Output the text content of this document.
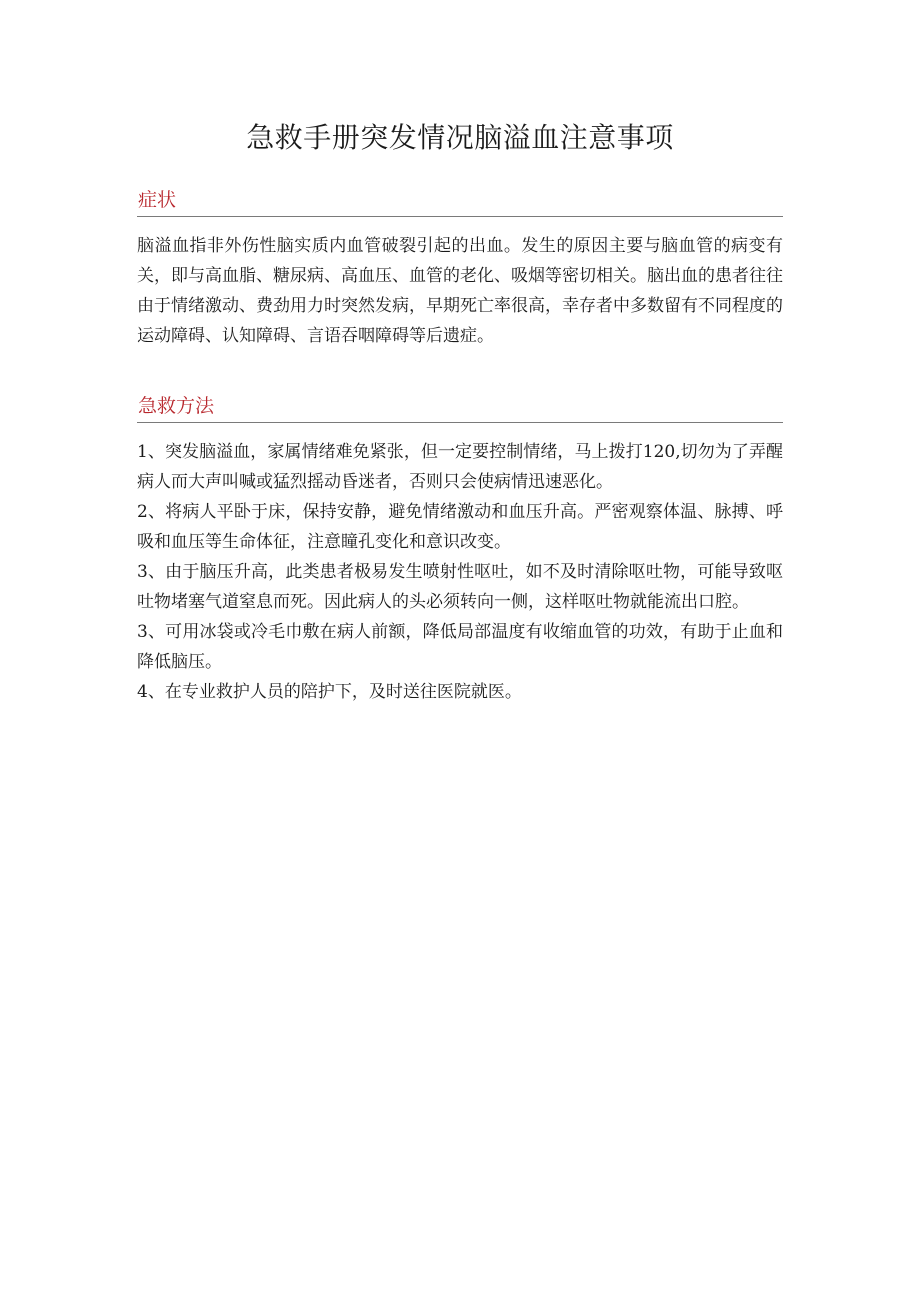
急救手册突发情况脑溢血注意事项
症状

脑溢血指非外伤性脑实质内血管破裂引起的出血。发生的原因主要与脑血管的病变有关，即与高血脂、糖尿病、高血压、血管的老化、吸烟等密切相关。脑出血的患者往往由于情绪激动、费劲用力时突然发病，早期死亡率很高，幸存者中多数留有不同程度的运动障碍、认知障碍、言语吞咽障碍等后遗症。

急救方法
1、突发脑溢血，家属情绪难免紧张，但一定要控制情绪，马上拨打120,切勿为了弄醒病人而大声叫喊或猛烈摇动昏迷者，否则只会使病情迅速恶化。
2、将病人平卧于床，保持安静，避免情绪激动和血压升高。严密观察体温、脉搏、呼吸和血压等生命体征，注意瞳孔变化和意识改变。
3、由于脑压升高，此类患者极易发生喷射性呕吐，如不及时清除呕吐物，可能导致呕吐物堵塞气道窒息而死。因此病人的头必须转向一侧，这样呕吐物就能流出口腔。
3、可用冰袋或冷毛巾敷在病人前额，降低局部温度有收缩血管的功效，有助于止血和降低脑压。
4、在专业救护人员的陪护下，及时送往医院就医。
